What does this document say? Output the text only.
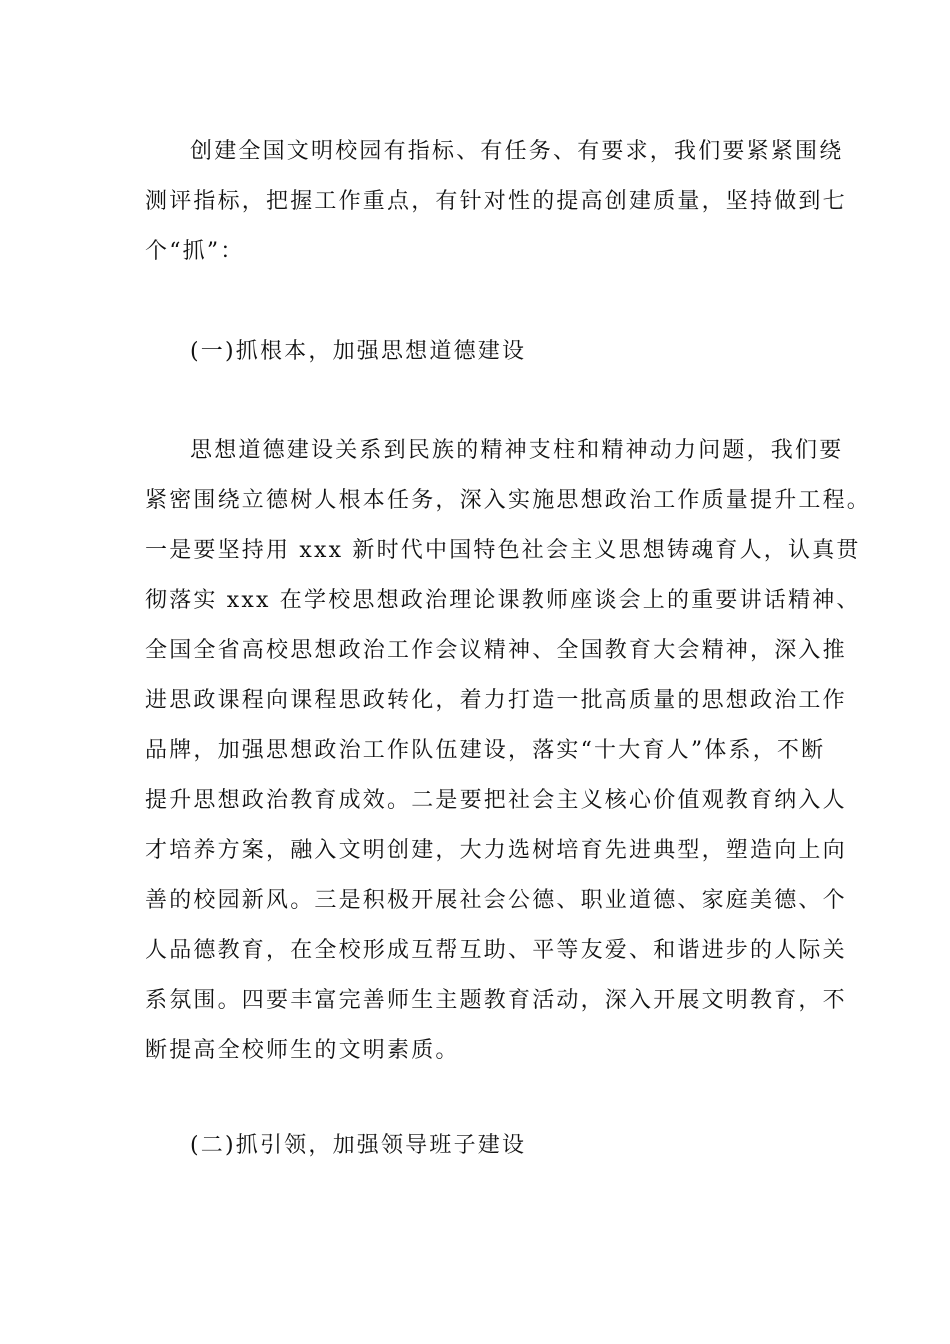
创建全国文明校园有指标、有任务、有要求，我们要紧紧围绕
测评指标，把握工作重点，有针对性的提高创建质量，坚持做到七
个“抓”：
(一)抓根本，加强思想道德建设
思想道德建设关系到民族的精神支柱和精神动力问题，我们要
紧密围绕立德树人根本任务，深入实施思想政治工作质量提升工程。
一是要坚持用 xxx 新时代中国特色社会主义思想铸魂育人，认真贯
彻落实 xxx 在学校思想政治理论课教师座谈会上的重要讲话精神、
全国全省高校思想政治工作会议精神、全国教育大会精神，深入推
进思政课程向课程思政转化，着力打造一批高质量的思想政治工作
品牌，加强思想政治工作队伍建设，落实“十大育人”体系，不断
提升思想政治教育成效。二是要把社会主义核心价值观教育纳入人
才培养方案，融入文明创建，大力选树培育先进典型，塑造向上向
善的校园新风。三是积极开展社会公德、职业道德、家庭美德、个
人品德教育，在全校形成互帮互助、平等友爱、和谐进步的人际关
系氛围。四要丰富完善师生主题教育活动，深入开展文明教育，不
断提高全校师生的文明素质。
(二)抓引领，加强领导班子建设
